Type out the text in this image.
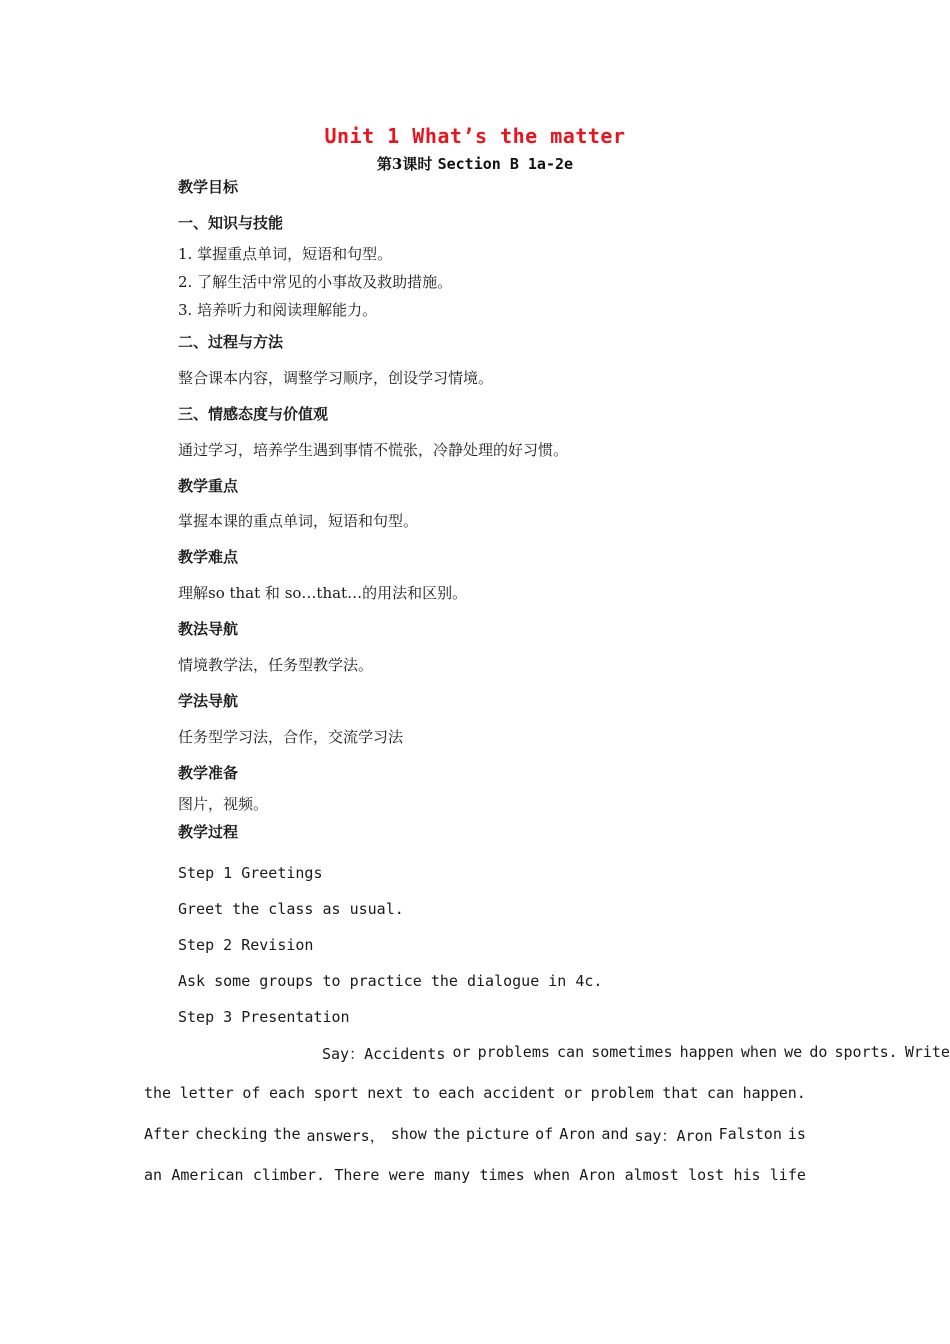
Unit 1 What’s the matter
第3课时 Section B 1a-2e
教学目标
一、知识与技能
1. 掌握重点单词，短语和句型。
2. 了解生活中常见的小事故及救助措施。
3. 培养听力和阅读理解能力。
二、过程与方法
整合课本内容，调整学习顺序，创设学习情境。
三、情感态度与价值观
通过学习，培养学生遇到事情不慌张，冷静处理的好习惯。
教学重点
掌握本课的重点单词，短语和句型。
教学难点
理解so that 和 so…that…的用法和区别。
教法导航
情境教学法，任务型教学法。
学法导航
任务型学习法，合作，交流学习法
教学准备
图片，视频。
教学过程
Step 1 Greetings
Greet the class as usual.
Step 2 Revision
Ask some groups to practice the dialogue in 4c.
Step 3 Presentation
Say：Accidents or problems can sometimes happen when we do sports. Write
the letter of each sport next to each accident or problem that can happen.
After checking the answers， show the picture of Aron and say：Aron Falston is
an American climber. There were many times when Aron almost lost his life
